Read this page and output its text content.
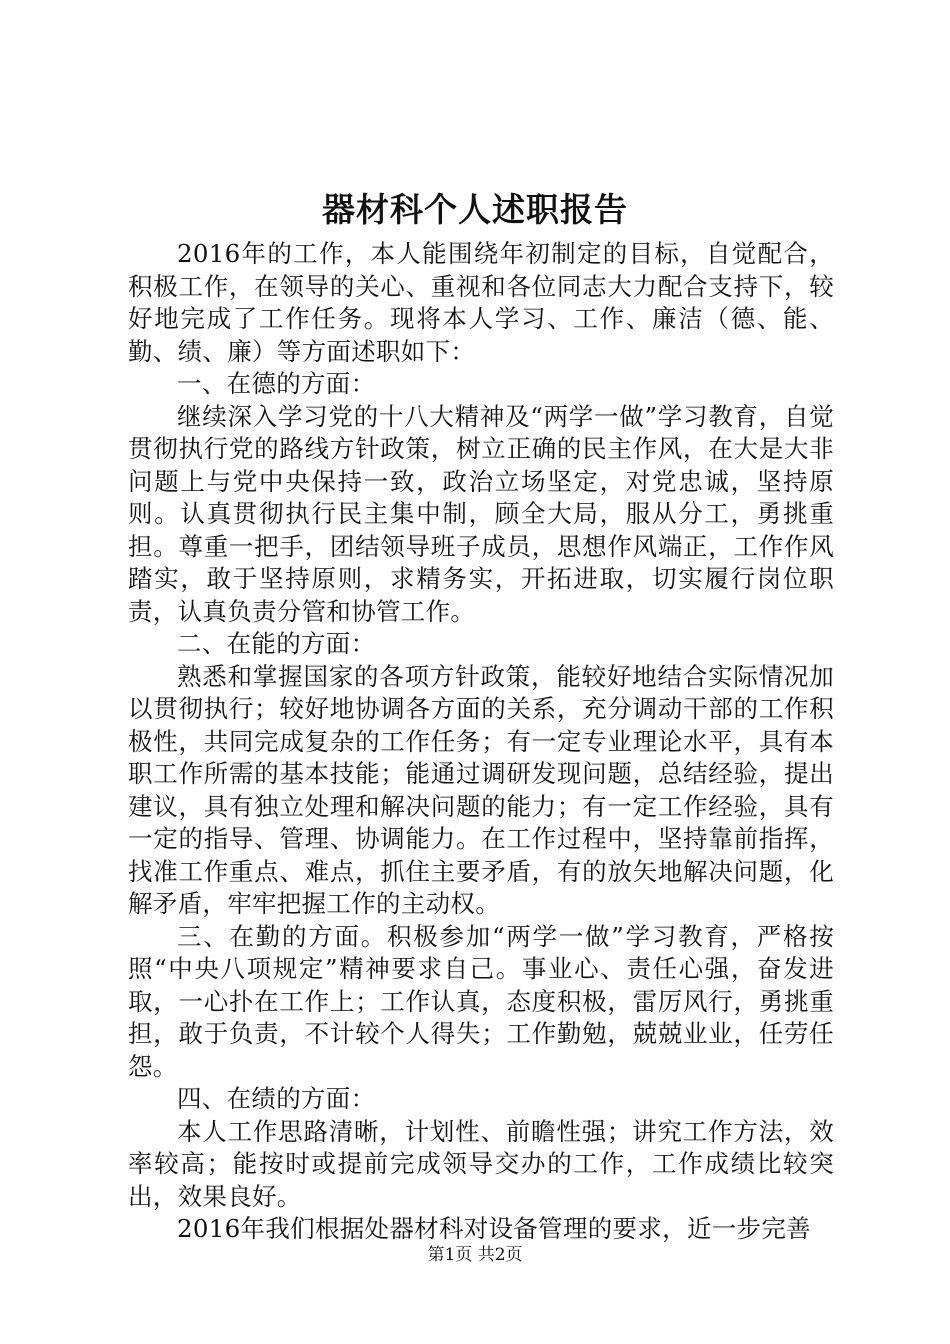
器材科个人述职报告

2016年的工作，本人能围绕年初制定的目标，自觉配合，积极工作，在领导的关心、重视和各位同志大力配合支持下，较好地完成了工作任务。现将本人学习、工作、廉洁（德、能、勤、绩、廉）等方面述职如下：

一、在德的方面：

继续深入学习党的十八大精神及“两学一做”学习教育，自觉贯彻执行党的路线方针政策，树立正确的民主作风，在大是大非问题上与党中央保持一致，政治立场坚定，对党忠诚，坚持原则。认真贯彻执行民主集中制，顾全大局，服从分工，勇挑重担。尊重一把手，团结领导班子成员，思想作风端正，工作作风踏实，敢于坚持原则，求精务实，开拓进取，切实履行岗位职责，认真负责分管和协管工作。

二、在能的方面：

熟悉和掌握国家的各项方针政策，能较好地结合实际情况加以贯彻执行；较好地协调各方面的关系，充分调动干部的工作积极性，共同完成复杂的工作任务；有一定专业理论水平，具有本职工作所需的基本技能；能通过调研发现问题，总结经验，提出建议，具有独立处理和解决问题的能力；有一定工作经验，具有一定的指导、管理、协调能力。在工作过程中，坚持靠前指挥，找准工作重点、难点，抓住主要矛盾，有的放矢地解决问题，化解矛盾，牢牢把握工作的主动权。

三、在勤的方面。积极参加“两学一做”学习教育，严格按照“中央八项规定”精神要求自己。事业心、责任心强，奋发进取，一心扑在工作上；工作认真，态度积极，雷厉风行，勇挑重担，敢于负责，不计较个人得失；工作勤勉，兢兢业业，任劳任怨。

四、在绩的方面：

本人工作思路清晰，计划性、前瞻性强；讲究工作方法，效率较高；能按时或提前完成领导交办的工作，工作成绩比较突出，效果良好。

2016年我们根据处器材科对设备管理的要求，近一步完善

第1页 共2页
